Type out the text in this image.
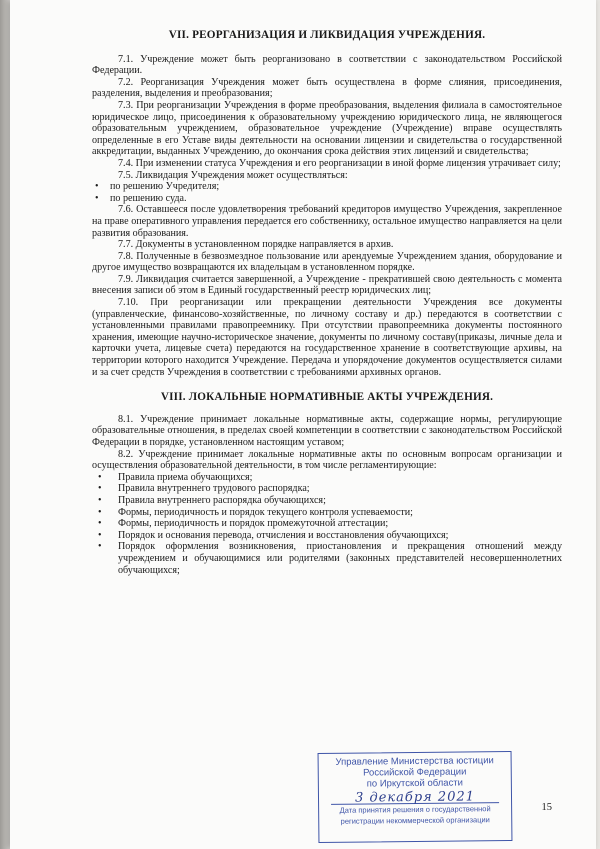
VII. РЕОРГАНИЗАЦИЯ И ЛИКВИДАЦИЯ УЧРЕЖДЕНИЯ.

7.1. Учреждение может быть реорганизовано в соответствии с законодательством Российской Федерации.

7.2. Реорганизация Учреждения может быть осуществлена в форме слияния, присоединения, разделения, выделения и преобразования;

7.3. При реорганизации Учреждения в форме преобразования, выделения филиала в самостоятельное юридическое лицо, присоединения к образовательному учреждению юридического лица, не являющегося образовательным учреждением, образовательное учреждение (Учреждение) вправе осуществлять определенные в его Уставе виды деятельности на основании лицензии и свидетельства о государственной аккредитации, выданных Учреждению, до окончания срока действия этих лицензий и свидетельства;

7.4. При изменении статуса Учреждения и его реорганизации в иной форме лицензия утрачивает силу;

7.5. Ликвидация Учреждения может осуществляться:

• по решению Учредителя;
• по решению суда.

7.6. Оставшееся после удовлетворения требований кредиторов имущество Учреждения, закрепленное на праве оперативного управления передается его собственнику, остальное имущество направляется на цели развития образования.

7.7. Документы в установленном порядке направляется в архив.

7.8. Полученные в безвозмездное пользование или арендуемые Учреждением здания, оборудование и другое имущество возвращаются их владельцам в установленном порядке.

7.9. Ликвидация считается завершенной, а Учреждение - прекратившей свою деятельность с момента внесения записи об этом в Единый государственный реестр юридических лиц;

7.10. При реорганизации или прекращении деятельности Учреждения все документы (управленческие, финансово-хозяйственные, по личному составу и др.) передаются в соответствии с установленными правилами правопреемнику. При отсутствии правопреемника документы постоянного хранения, имеющие научно-историческое значение, документы по личному составу(приказы, личные дела и карточки учета, лицевые счета) передаются на государственное хранение в соответствующие архивы, на территории которого находится Учреждение. Передача и упорядочение документов осуществляется силами и за счет средств Учреждения в соответствии с требованиями архивных органов.

VIII. ЛОКАЛЬНЫЕ НОРМАТИВНЫЕ АКТЫ УЧРЕЖДЕНИЯ.

8.1. Учреждение принимает локальные нормативные акты, содержащие нормы, регулирующие образовательные отношения, в пределах своей компетенции в соответствии с законодательством Российской Федерации в порядке, установленном настоящим уставом;

8.2. Учреждение принимает локальные нормативные акты по основным вопросам организации и осуществления образовательной деятельности, в том числе регламентирующие:

• Правила приема обучающихся;
• Правила внутреннего трудового распорядка;
• Правила внутреннего распорядка обучающихся;
• Формы, периодичность и порядок текущего контроля успеваемости;
• Формы, периодичность и порядок промежуточной аттестации;
• Порядок и основания перевода, отчисления и восстановления обучающихся;
• Порядок оформления возникновения, приостановления и прекращения отношений между учреждением и обучающимися или родителями (законных представителей несовершеннолетних обучающихся;
15
Управление Министерства юстиции
Российской Федерации
по Иркутской области
3 декабря 2021
Дата принятия решения о государственной
регистрации некоммерческой организации
